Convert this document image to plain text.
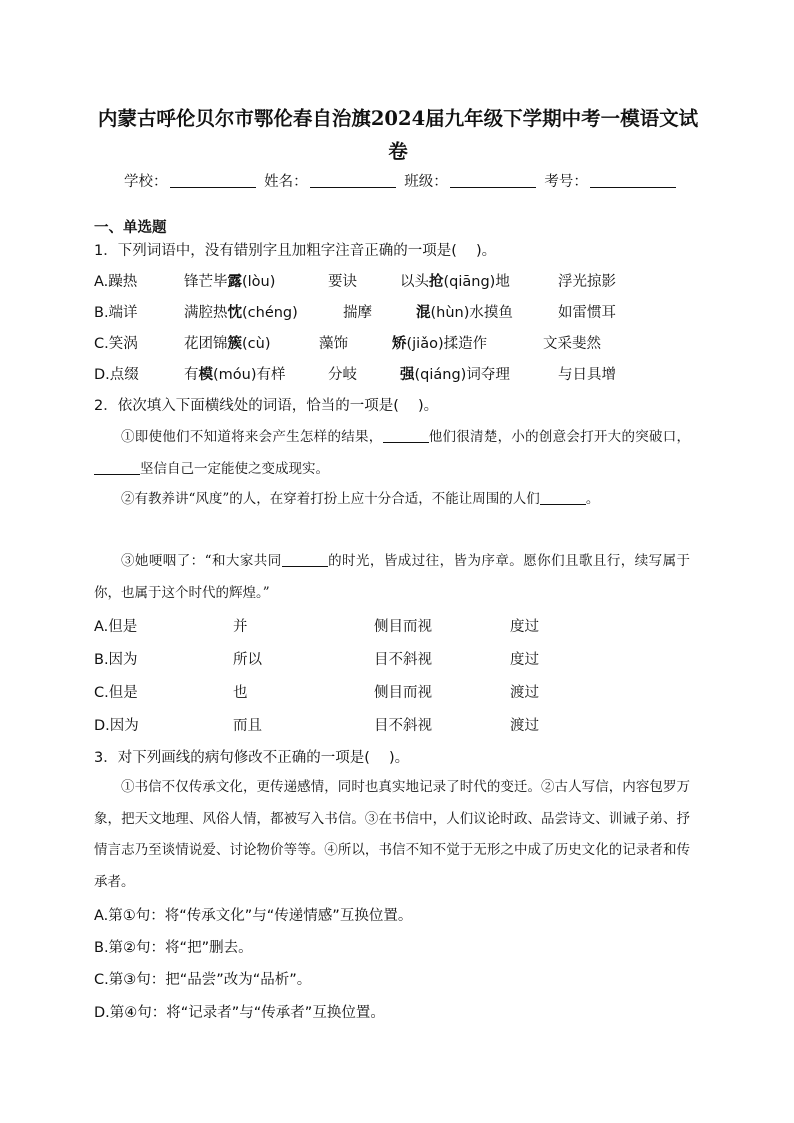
内蒙古呼伦贝尔市鄂伦春自治旗2024届九年级下学期中考一模语文试
卷
学校：	姓名：	班级：	考号：
一、单选题
1．下列词语中，没有错别字且加粗字注音正确的一项是(　 )。
A.躁热	锋芒毕露(lòu)	要诀	以头抢(qiāng)地	浮光掠影
B.端详	满腔热忱(chéng)	揣摩	混(hùn)水摸鱼	如雷惯耳
C.笑涡	花团锦簇(cù)	藻饰	矫(jiǎo)揉造作	文采斐然
D.点缀	有模(móu)有样	分岐	强(qiáng)词夺理	与日具增
2．依次填入下面横线处的词语，恰当的一项是(　 )。
①即使他们不知道将来会产生怎样的结果，	他们很清楚，小的创意会打开大的突破口，坚信自己一定能使之变成现实。
②有教养讲“风度”的人，在穿着打扮上应十分合适，不能让周围的人们	。
③她哽咽了：“和大家共同	的时光，皆成过往，皆为序章。愿你们且歌且行，续写属于你，也属于这个时代的辉煌。”
A.但是	并	侧目而视	度过
B.因为	所以	目不斜视	度过
C.但是	也	侧目而视	渡过
D.因为	而且	目不斜视	渡过
3．对下列画线的病句修改不正确的一项是(　 )。
①书信不仅传承文化，更传递感情，同时也真实地记录了时代的变迁。②古人写信，内容包罗万象，把天文地理、风俗人情，都被写入书信。③在书信中，人们议论时政、品尝诗文、训诫子弟、抒情言志乃至谈情说爱、讨论物价等等。④所以，书信不知不觉于无形之中成了历史文化的记录者和传承者。
A.第①句：将“传承文化”与“传递情感”互换位置。
B.第②句：将“把”删去。
C.第③句：把“品尝”改为“品析”。
D.第④句：将“记录者”与“传承者”互换位置。
